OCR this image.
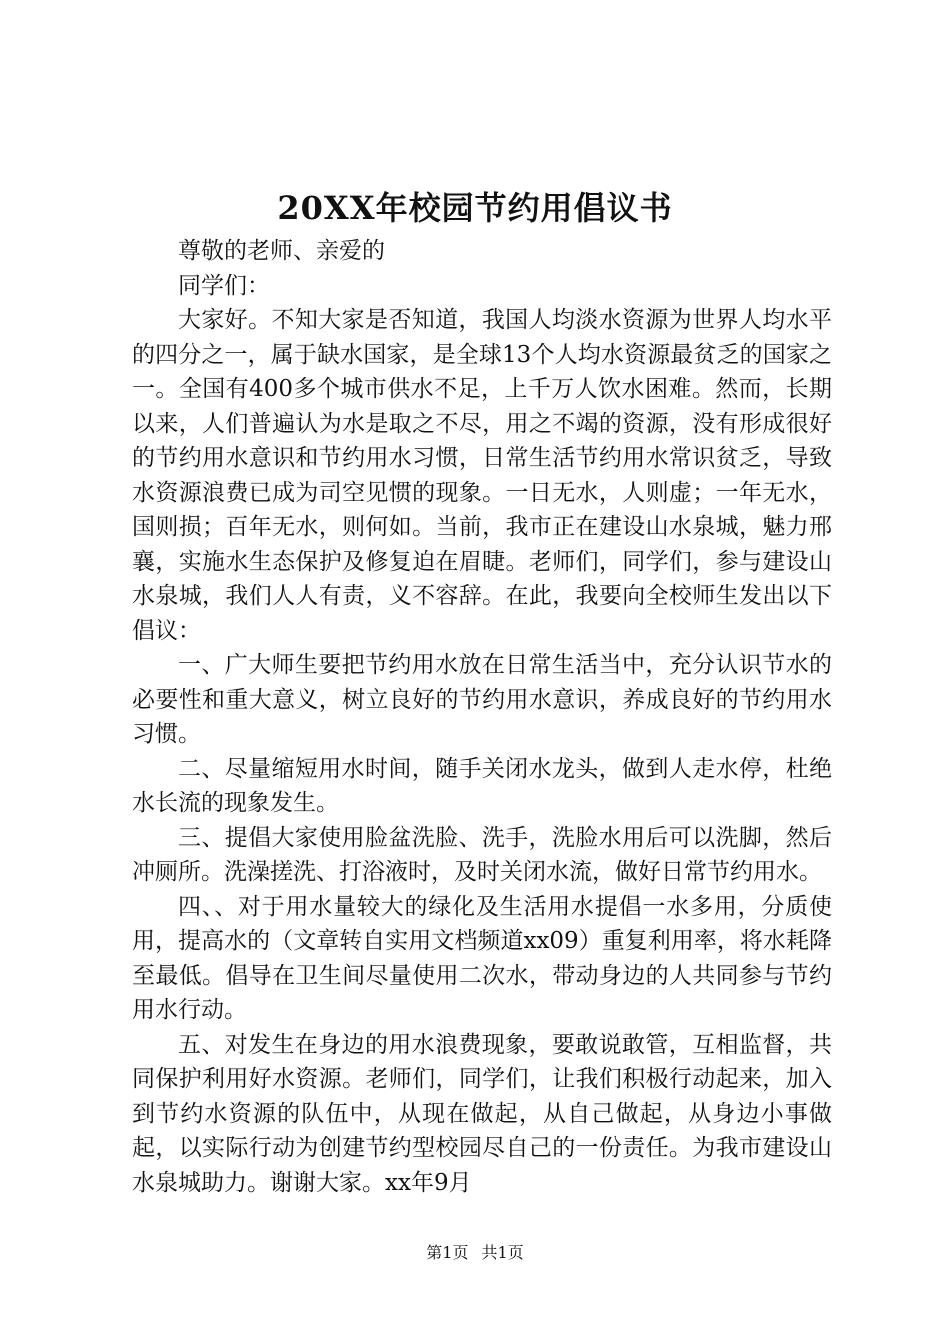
20XX年校园节约用倡议书

尊敬的老师、亲爱的

同学们：

大家好。不知大家是否知道，我国人均淡水资源为世界人均水平的四分之一，属于缺水国家，是全球13个人均水资源最贫乏的国家之一。全国有400多个城市供水不足，上千万人饮水困难。然而，长期以来，人们普遍认为水是取之不尽，用之不竭的资源，没有形成很好的节约用水意识和节约用水习惯，日常生活节约用水常识贫乏，导致水资源浪费已成为司空见惯的现象。一日无水，人则虚；一年无水，国则损；百年无水，则何如。当前，我市正在建设山水泉城，魅力邢襄，实施水生态保护及修复迫在眉睫。老师们，同学们，参与建设山水泉城，我们人人有责，义不容辞。在此，我要向全校师生发出以下倡议：

一、广大师生要把节约用水放在日常生活当中，充分认识节水的必要性和重大意义，树立良好的节约用水意识，养成良好的节约用水习惯。

二、尽量缩短用水时间，随手关闭水龙头，做到人走水停，杜绝水长流的现象发生。

三、提倡大家使用脸盆洗脸、洗手，洗脸水用后可以洗脚，然后冲厕所。洗澡搓洗、打浴液时，及时关闭水流，做好日常节约用水。

四、、对于用水量较大的绿化及生活用水提倡一水多用，分质使用，提高水的（文章转自实用文档频道xx09）重复利用率，将水耗降至最低。倡导在卫生间尽量使用二次水，带动身边的人共同参与节约用水行动。

五、对发生在身边的用水浪费现象，要敢说敢管，互相监督，共同保护利用好水资源。老师们，同学们，让我们积极行动起来，加入到节约水资源的队伍中，从现在做起，从自己做起，从身边小事做起，以实际行动为创建节约型校园尽自己的一份责任。为我市建设山水泉城助力。谢谢大家。xx年9月

第1页 共1页
